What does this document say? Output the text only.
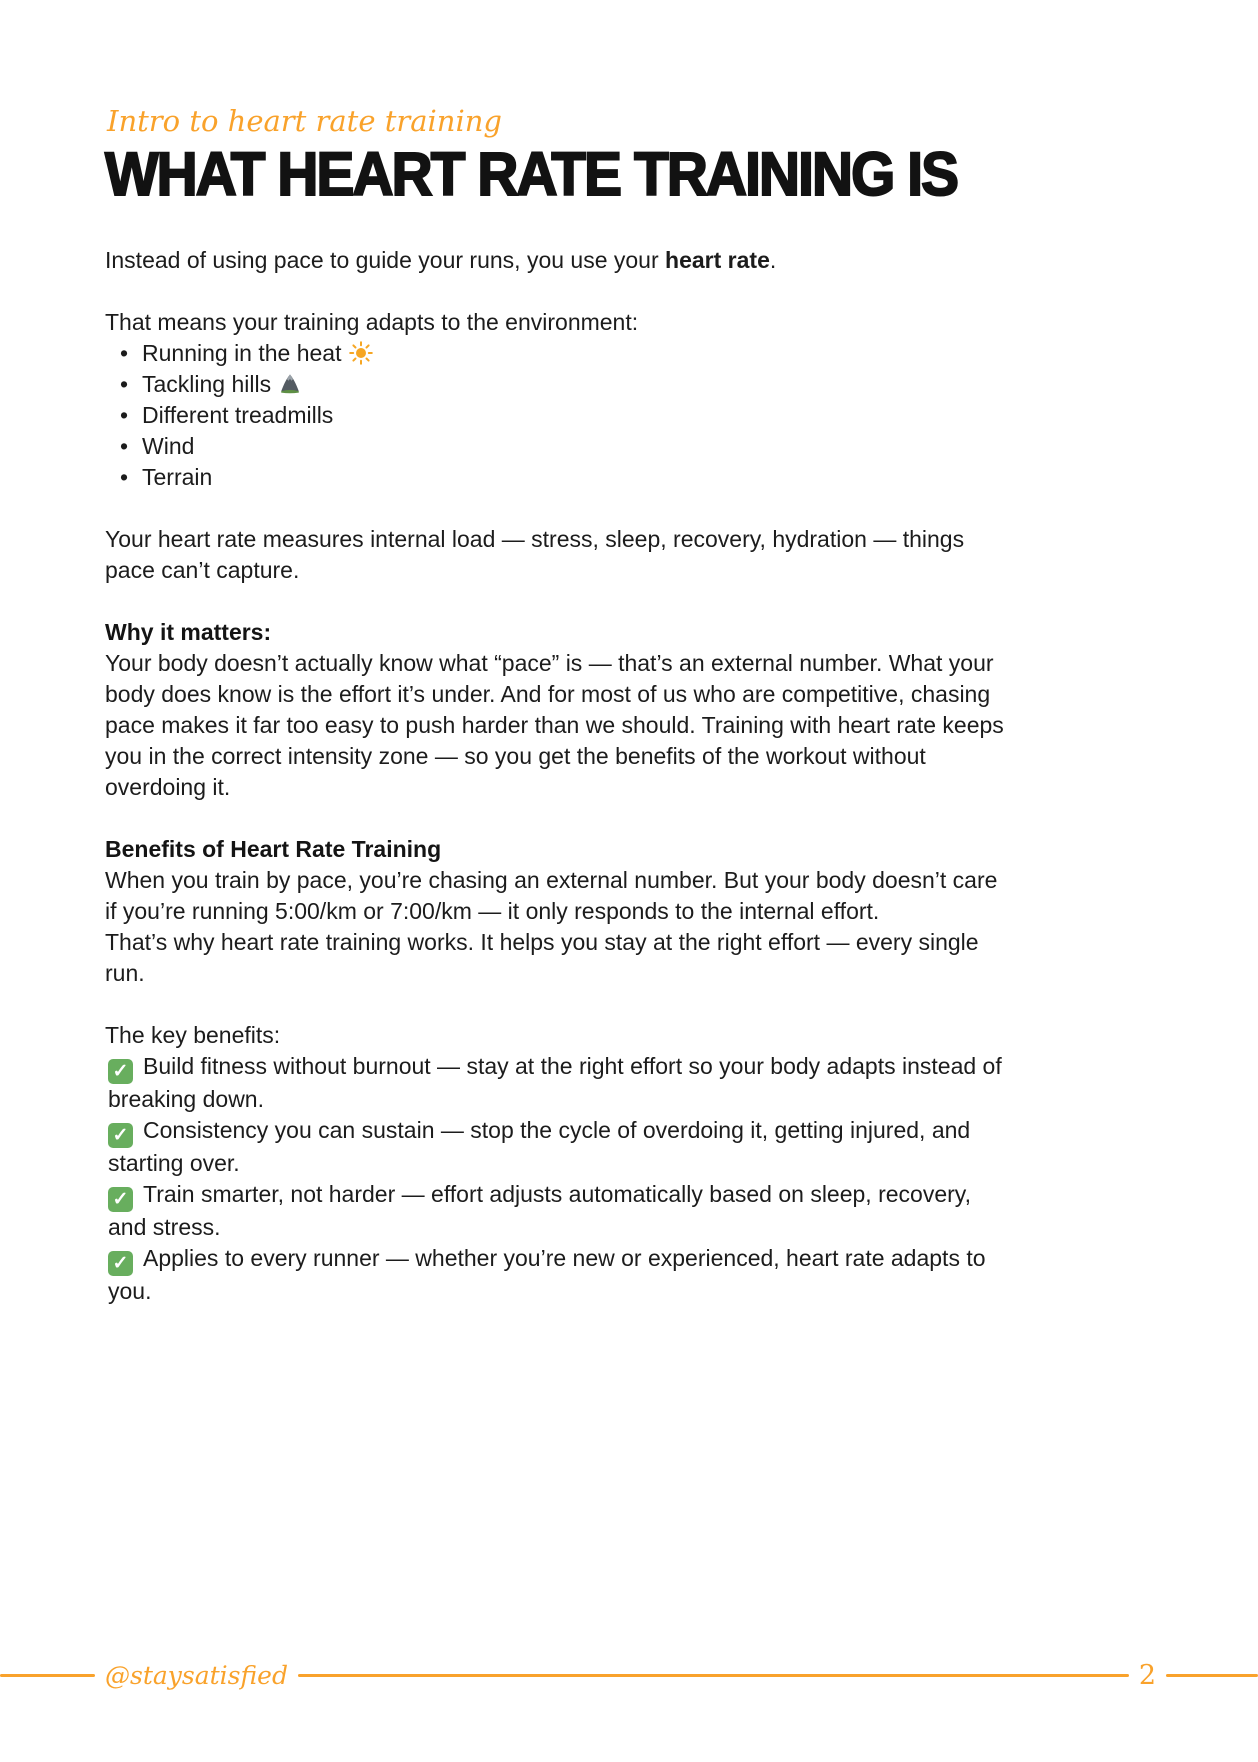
Intro to heart rate training
WHAT HEART RATE TRAINING IS

Instead of using pace to guide your runs, you use your heart rate.

That means your training adapts to the environment:

• Running in the heat
• Tackling hills
• Different treadmills
• Wind
• Terrain

Your heart rate measures internal load — stress, sleep, recovery, hydration — things pace can’t capture.

Why it matters:

Your body doesn’t actually know what “pace” is — that’s an external number. What your body does know is the effort it’s under. And for most of us who are competitive, chasing pace makes it far too easy to push harder than we should. Training with heart rate keeps you in the correct intensity zone — so you get the benefits of the workout without overdoing it.

Benefits of Heart Rate Training

When you train by pace, you’re chasing an external number. But your body doesn’t care if you’re running 5:00/km or 7:00/km — it only responds to the internal effort.

That’s why heart rate training works. It helps you stay at the right effort — every single run.

The key benefits:

✓ Build fitness without burnout — stay at the right effort so your body adapts instead of breaking down.
✓ Consistency you can sustain — stop the cycle of overdoing it, getting injured, and starting over.
✓ Train smarter, not harder — effort adjusts automatically based on sleep, recovery, and stress.
✓ Applies to every runner — whether you’re new or experienced, heart rate adapts to you.
@staysatisfied	2
